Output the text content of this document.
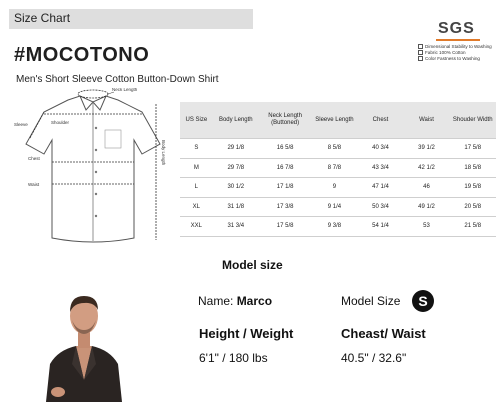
Size Chart
#MOCOTONO
Men's Short Sleeve Cotton Button-Down Shirt
SGS
Dimensional Stability to Washing
Fabric 100% Cotton
Color Fastness to Washing
Neck Length
Shoulder
Sleeve
Chest
Waist
Body Length
US Size	Body Length	Neck Length (Buttoned)	Sleeve Length	Chest	Waist	Shouder Width
S	29 1/8	16 5/8	8 5/8	40 3/4	39 1/2	17 5/8
M	29 7/8	16 7/8	8 7/8	43 3/4	42 1/2	18 5/8
L	30 1/2	17 1/8	9	47 1/4	46	19 5/8
XL	31 1/8	17 3/8	9 1/4	50 3/4	49 1/2	20 5/8
XXL	31 3/4	17 5/8	9 3/8	54 1/4	53	21 5/8
Model size
Name: Marco	Model Size	S
Height / Weight	Cheast/ Waist
6'1" / 180 lbs	40.5" / 32.6"
